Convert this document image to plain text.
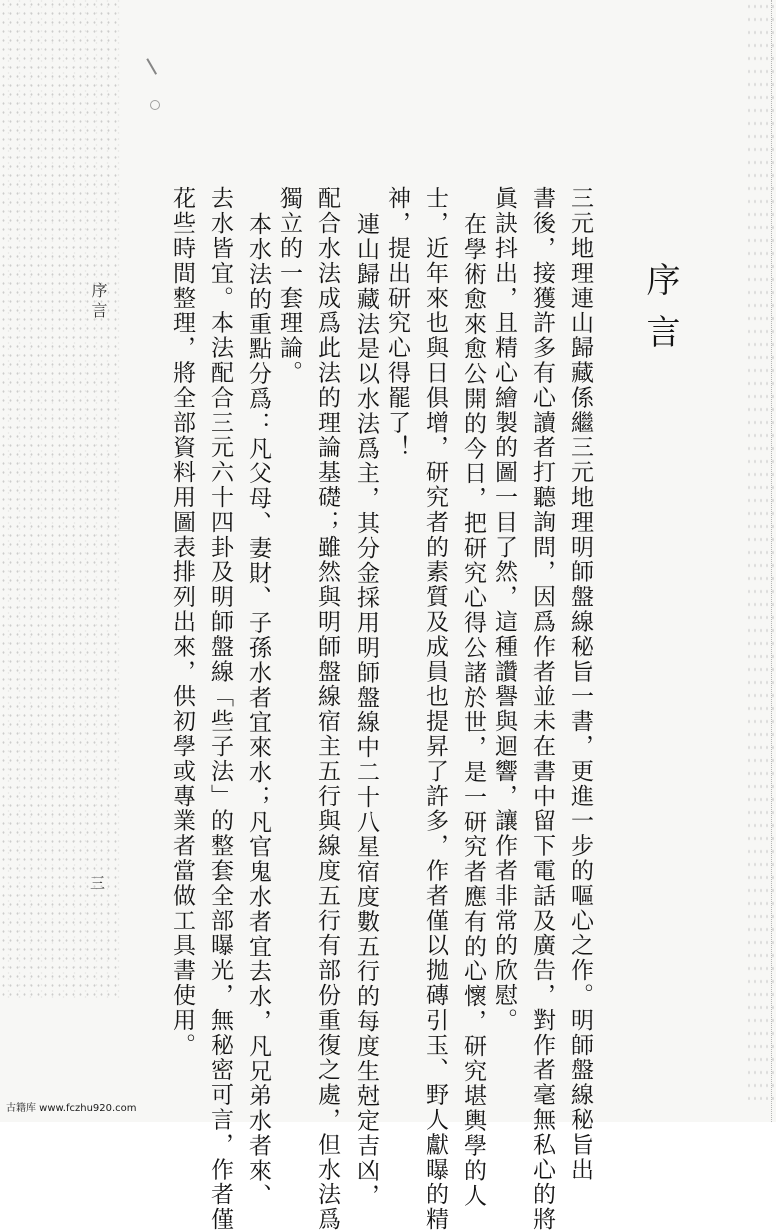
序言
三元地理連山歸藏係繼三元地理明師盤線秘旨一書，更進一步的嘔心之作。明師盤線秘旨出
書後，接獲許多有心讀者打聽詢問，因爲作者並未在書中留下電話及廣告，對作者毫無私心的將
眞訣抖出，且精心繪製的圖一目了然，這種讚譽與迴響，讓作者非常的欣慰。
在學術愈來愈公開的今日，把研究心得公諸於世，是一研究者應有的心懷，研究堪輿學的人
士，近年來也與日俱增，研究者的素質及成員也提昇了許多，作者僅以拋磚引玉、野人獻曝的精
神，提出研究心得罷了！
連山歸藏法是以水法爲主，其分金採用明師盤線中二十八星宿度數五行的每度生尅定吉凶，
配合水法成爲此法的理論基礎；雖然與明師盤線宿主五行與線度五行有部份重復之處，但水法爲
獨立的一套理論。
本水法的重點分爲：凡父母、妻財、子孫水者宜來水；凡官鬼水者宜去水，凡兄弟水者來、
去水皆宜。本法配合三元六十四卦及明師盤線「些子法」的整套全部曝光，無秘密可言，作者僅
花些時間整理，將全部資料用圖表排列出來，供初學或專業者當做工具書使用。
序言
三
古籍库 www.fczhu920.com
